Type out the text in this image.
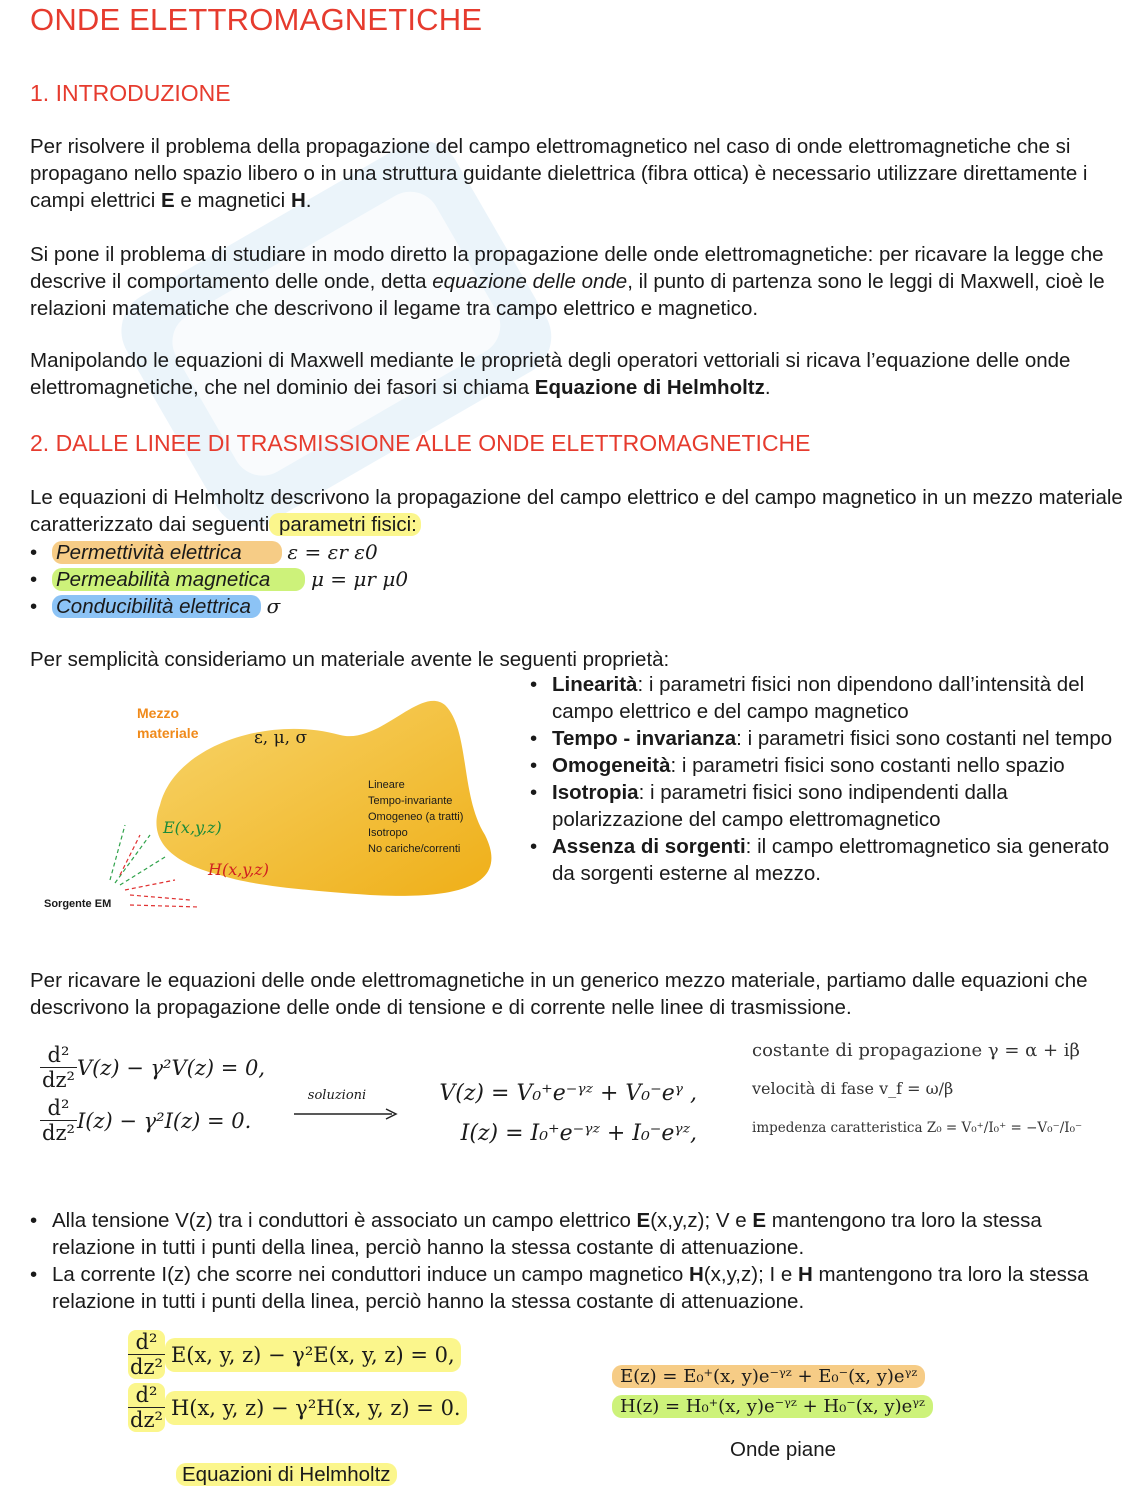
ONDE ELETTROMAGNETICHE
1. INTRODUZIONE
Per risolvere il problema della propagazione del campo elettromagnetico nel caso di onde elettromagnetiche che si propagano nello spazio libero o in una struttura guidante dielettrica (fibra ottica) è necessario utilizzare direttamente i campi elettrici E e magnetici H.
Si pone il problema di studiare in modo diretto la propagazione delle onde elettromagnetiche: per ricavare la legge che descrive il comportamento delle onde, detta equazione delle onde, il punto di partenza sono le leggi di Maxwell, cioè le relazioni matematiche che descrivono il legame tra campo elettrico e magnetico.
Manipolando le equazioni di Maxwell mediante le proprietà degli operatori vettoriali si ricava l’equazione delle onde elettromagnetiche, che nel dominio dei fasori si chiama Equazione di Helmholtz.
2. DALLE LINEE DI TRASMISSIONE ALLE ONDE ELETTROMAGNETICHE
Le equazioni di Helmholtz descrivono la propagazione del campo elettrico e del campo magnetico in un mezzo materiale caratterizzato dai seguenti parametri fisici:
• Permettività elettrica ε = εr ε0
• Permeabilità magnetica μ = μr μ0
• Conducibilità elettrica σ
Per semplicità consideriamo un materiale avente le seguenti proprietà:
Mezzo
materiale	ε, μ, σ
Lineare
Tempo-invariante
Omogeneo (a tratti)
Isotropo
No cariche/correnti
E(x,y,z)
H(x,y,z)
Sorgente EM
• Linearità: i parametri fisici non dipendono dall’intensità del campo elettrico e del campo magnetico
• Tempo - invarianza: i parametri fisici sono costanti nel tempo
• Omogeneità: i parametri fisici sono costanti nello spazio
• Isotropia: i parametri fisici sono indipendenti dalla polarizzazione del campo elettromagnetico
• Assenza di sorgenti: il campo elettromagnetico sia generato da sorgenti esterne al mezzo.
Per ricavare le equazioni delle onde elettromagnetiche in un generico mezzo materiale, partiamo dalle equazioni che descrivono la propagazione delle onde di tensione e di corrente nelle linee di trasmissione.
$\frac{\text{d²}}{\text{dz²}} V(z) - \gamma^2V(z) = 0$,
$\frac{\text{d²}}{\text{dz²}} I(z) - \gamma^2I(z) = 0$.
soluzioni	V(z) = V₀⁺e⁻ᵞᶻ + V₀⁻eᵞ ,
I(z) = I₀⁺e⁻ᵞᶻ + I₀⁻eᵞᶻ,
costante di propagazione γ = α + iβ
velocità di fase v_f = ω/β
impedenza caratteristica Z₀ = V₀⁺/I₀⁺ = −V₀⁻/I₀⁻
• Alla tensione V(z) tra i conduttori è associato un campo elettrico E(x,y,z); V e E mantengono tra loro la stessa relazione in tutti i punti della linea, perciò hanno la stessa costante di attenuazione.
• La corrente I(z) che scorre nei conduttori induce un campo magnetico H(x,y,z); I e H mantengono tra loro la stessa relazione in tutti i punti della linea, perciò hanno la stessa costante di attenuazione.
$\frac{\text{d²}}{\text{dz²}} E(x$, y, z) − γ²E(x, y, z) = 0,
$\frac{\text{d²}}{\text{dz²}} H(x$, y, z) − γ²H(x, y, z) = 0.
Equazioni di Helmholtz
E(z) = E₀⁺(x, y)e⁻ᵞᶻ + E₀⁻(x, y)eᵞᶻ
H(z) = H₀⁺(x, y)e⁻ᵞᶻ + H₀⁻(x, y)eᵞᶻ
Onde piane
